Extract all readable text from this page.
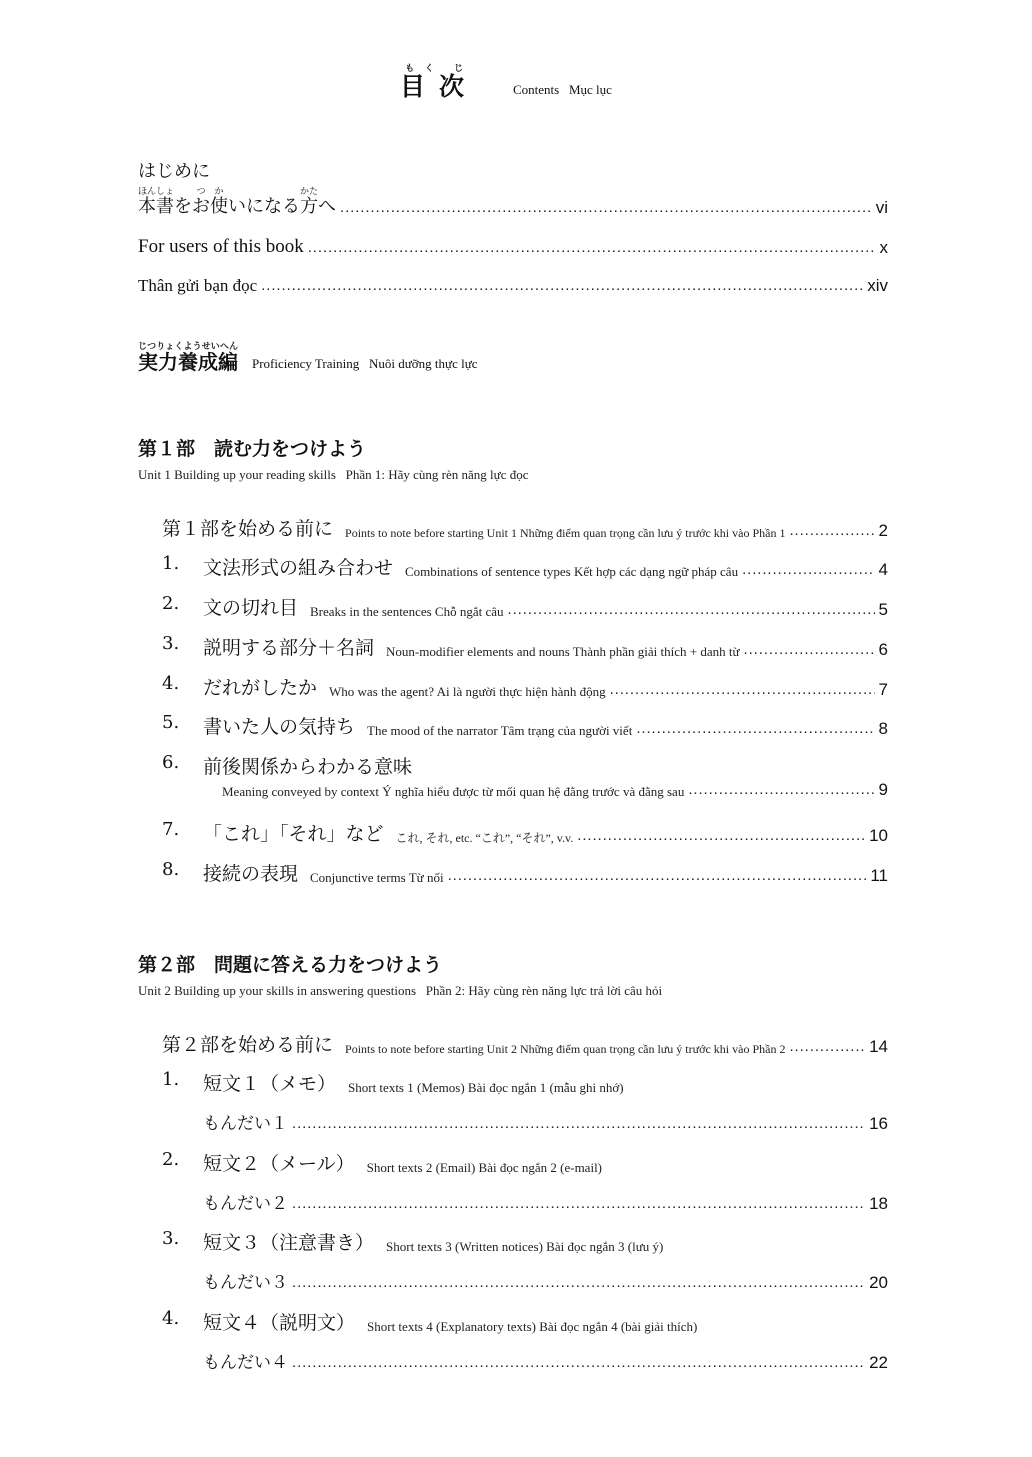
目もく次じ
Contents   Mục lục
はじめに
本書ほんしょをお使つかいになる方かたへ .....	vi
For users of this book .....	x
Thân gửi bạn đọc .....	xiv
実力養成編じつりょくようせいへん
Proficiency Training   Nuôi dưỡng thực lực
第１部　読む力をつけよう
Unit 1 Building up your reading skills   Phần 1: Hãy cùng rèn năng lực đọc
第１部を始める前に Points to note before starting Unit 1 Những điểm quan trọng cần lưu ý trước khi vào Phần 1 .....	2
1. 文法形式の組み合わせ Combinations of sentence types Kết hợp các dạng ngữ pháp câu .....	4
2. 文の切れ目 Breaks in the sentences Chỗ ngắt câu .....	5
3. 説明する部分＋名詞 Noun-modifier elements and nouns Thành phần giải thích + danh từ .....	6
4. だれがしたか Who was the agent? Ai là người thực hiện hành động .....	7
5. 書いた人の気持ち The mood of the narrator Tâm trạng của người viết .....	8
6. 前後関係からわかる意味
Meaning conveyed by context Ý nghĩa hiểu được từ mối quan hệ đằng trước và đằng sau .....	9
7. 「これ」「それ」など これ, それ, etc. “これ”, “それ”, v.v. .....	10
8. 接続の表現 Conjunctive terms Từ nối .....	11
第２部　問題に答える力をつけよう
Unit 2 Building up your skills in answering questions   Phần 2: Hãy cùng rèn năng lực trả lời câu hỏi
第２部を始める前に Points to note before starting Unit 2 Những điểm quan trọng cần lưu ý trước khi vào Phần 2 .....	14
1. 短文１（メモ） Short texts 1 (Memos) Bài đọc ngắn 1 (mẫu ghi nhớ)
もんだい１ .....	16
2. 短文２（メール） Short texts 2 (Email) Bài đọc ngắn 2 (e-mail)
もんだい２ .....	18
3. 短文３（注意書き） Short texts 3 (Written notices) Bài đọc ngắn 3 (lưu ý)
もんだい３ .....	20
4. 短文４（説明文） Short texts 4 (Explanatory texts) Bài đọc ngắn 4 (bài giải thích)
もんだい４ .....	22
